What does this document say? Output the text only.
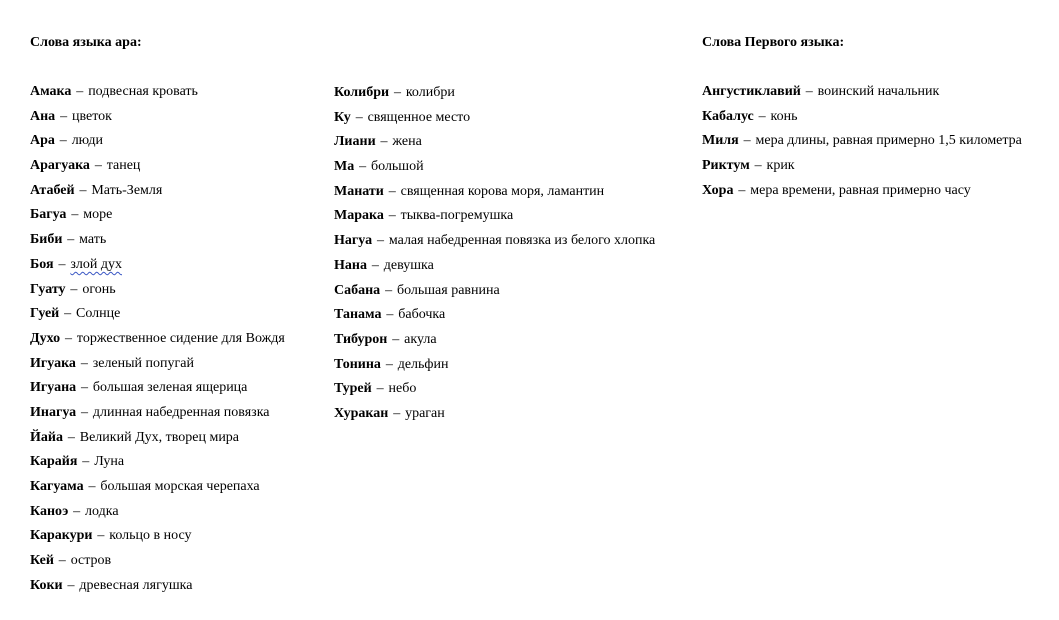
Слова языка ара:
Амака – подвесная кровать
Ана – цветок
Ара – люди
Арагуака – танец
Атабей – Мать-Земля
Багуа – море
Биби – мать
Боя – злой дух
Гуату – огонь
Гуей – Солнце
Духо – торжественное сидение для Вождя
Игуака – зеленый попугай
Игуана – большая зеленая ящерица
Инагуа – длинная набедренная повязка
Йайа – Великий Дух, творец мира
Карайя – Луна
Кагуама – большая морская черепаха
Каноэ – лодка
Каракури – кольцо в носу
Кей – остров
Коки – древесная лягушка
Колибри – колибри
Ку – священное место
Лиани – жена
Ма – большой
Манати – священная корова моря, ламантин
Марака – тыква-погремушка
Нагуа – малая набедренная повязка из белого хлопка
Нана – девушка
Сабана – большая равнина
Танама – бабочка
Тибурон – акула
Тонина – дельфин
Турей – небо
Хуракан – ураган
Слова Первого языка:
Ангустиклавий – воинский начальник
Кабалус – конь
Миля – мера длины, равная примерно 1,5 километра
Риктум – крик
Хора – мера времени, равная примерно часу
